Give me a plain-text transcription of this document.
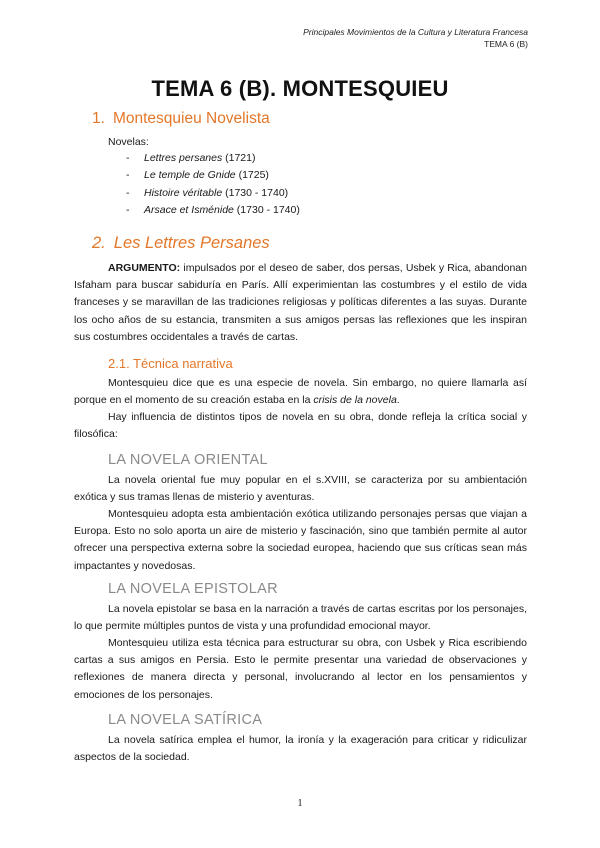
Principales Movimientos de la Cultura y Literatura Francesa
TEMA 6 (B)
TEMA 6 (B). MONTESQUIEU
1. Montesquieu Novelista
Novelas:
- Lettres persanes (1721)
- Le temple de Gnide (1725)
- Histoire véritable (1730 - 1740)
- Arsace et Isménide (1730 - 1740)
2. Les Lettres Persanes
ARGUMENTO: impulsados por el deseo de saber, dos persas, Usbek y Rica, abandonan Isfaham para buscar sabiduría en París. Allí experimientan las costumbres y el estilo de vida franceses y se maravillan de las tradiciones religiosas y políticas diferentes a las suyas. Durante los ocho años de su estancia, transmiten a sus amigos persas las reflexiones que les inspiran sus costumbres occidentales a través de cartas.
2.1. Técnica narrativa
Montesquieu dice que es una especie de novela. Sin embargo, no quiere llamarla así porque en el momento de su creación estaba en la crisis de la novela.
Hay influencia de distintos tipos de novela en su obra, donde refleja la crítica social y filosófica:
LA NOVELA ORIENTAL
La novela oriental fue muy popular en el s.XVIII, se caracteriza por su ambientación exótica y sus tramas llenas de misterio y aventuras.
Montesquieu adopta esta ambientación exótica utilizando personajes persas que viajan a Europa. Esto no solo aporta un aire de misterio y fascinación, sino que también permite al autor ofrecer una perspectiva externa sobre la sociedad europea, haciendo que sus críticas sean más impactantes y novedosas.
LA NOVELA EPISTOLAR
La novela epistolar se basa en la narración a través de cartas escritas por los personajes, lo que permite múltiples puntos de vista y una profundidad emocional mayor.
Montesquieu utiliza esta técnica para estructurar su obra, con Usbek y Rica escribiendo cartas a sus amigos en Persia. Esto le permite presentar una variedad de observaciones y reflexiones de manera directa y personal, involucrando al lector en los pensamientos y emociones de los personajes.
LA NOVELA SATÍRICA
La novela satírica emplea el humor, la ironía y la exageración para criticar y ridiculizar aspectos de la sociedad.
1
